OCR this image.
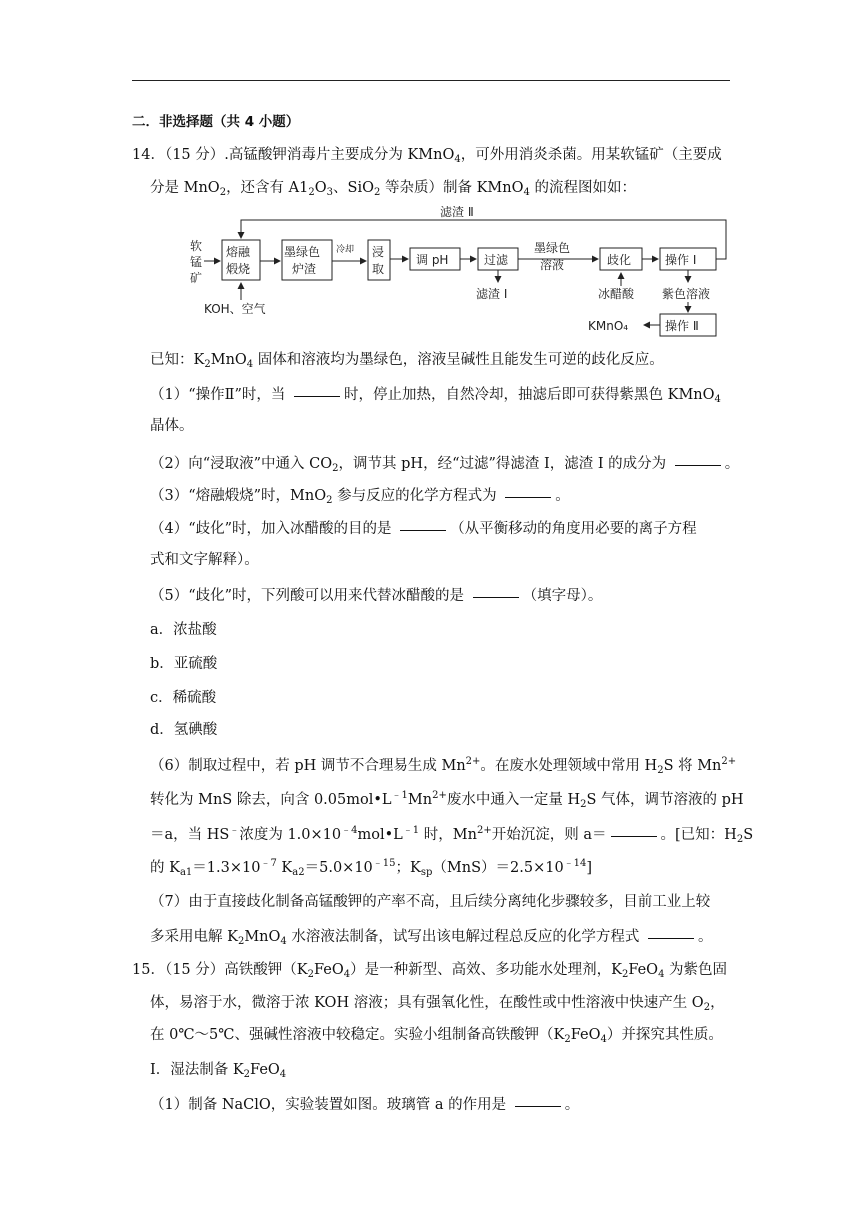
二．非选择题（共 4 小题）
14．（15 分）.高锰酸钾消毒片主要成分为 KMnO$_4$，可外用消炎杀菌。用某软锰矿（主要成
分是 MnO$_2$，还含有 $A1_2O_3$、SiO$_2$ 等杂质）制备 KMnO$_4$ 的流程图如如：
软
锰
矿
熔融
煅烧
KOH、空气
墨绿色
炉渣
冷却 浸
取
调 pH	过滤
滤渣 Ⅰ
墨绿色
溶液	歧化
冰醋酸
操作 Ⅰ
紫色溶液
操作 Ⅱ
KMnO₄
滤渣 Ⅱ
已知：$K_2MnO_4$ 固体和溶液均为墨绿色，溶液呈碱性且能发生可逆的歧化反应。
（1）“操作Ⅱ”时，当	时，停止加热，自然冷却，抽滤后即可获得紫黑色 KMnO$_4$
晶体。
（2）向“浸取液”中通入 $CO_2$，调节其 pH，经“过滤”得滤渣 I，滤渣 I 的成分为	。
（3）“熔融煅烧”时，MnO$_2$ 参与反应的化学方程式为	。
（4）“歧化”时，加入冰醋酸的目的是	（从平衡移动的角度用必要的离子方程
式和文字解释）。
（5）“歧化”时，下列酸可以用来代替冰醋酸的是	（填字母）。
a．浓盐酸
b．亚硫酸
c．稀硫酸
d．氢碘酸
（6）制取过程中，若 pH 调节不合理易生成 $Mn^{2+}$。在废水处理领域中常用 $H_2S$ 将 $Mn^{2+}$
转化为 MnS 除去，向含 $0.05mol•L^{﹣1}Mn^{2+}$废水中通入一定量 $H_2S$ 气体，调节溶液的 pH
＝a，当 HS﹣浓度为 $1.0\times 10^{﹣4}mol•L^{﹣1}$ 时，$Mn^{2+}$开始沉淀，则 a＝	。[已知：$H_2S$
的 $K_{a1}=1.3\times 10^{﹣7}$ $K_{a2}=5.0\times 10^{﹣15}$；$K_{sp}(MnS)=2.5\times 10^{﹣14}$]
（7）由于直接歧化制备高锰酸钾的产率不高，且后续分离纯化步骤较多，目前工业上较
多采用电解 $K_2MnO_4$ 水溶液法制备，试写出该电解过程总反应的化学方程式	。
15．（15 分）高铁酸钾$(K_2FeO_4)$是一种新型、高效、多功能水处理剂，$K_2FeO_4$ 为紫色固
体，易溶于水，微溶于浓 KOH 溶液；具有强氧化性，在酸性或中性溶液中快速产生 $O_2$，
在 0℃～5℃、强碱性溶液中较稳定。实验小组制备高铁酸钾$(K_2FeO_4)$并探究其性质。
Ⅰ．湿法制备 $K_2FeO_4$
（1）制备 NaClO，实验装置如图。玻璃管 a 的作用是	。
